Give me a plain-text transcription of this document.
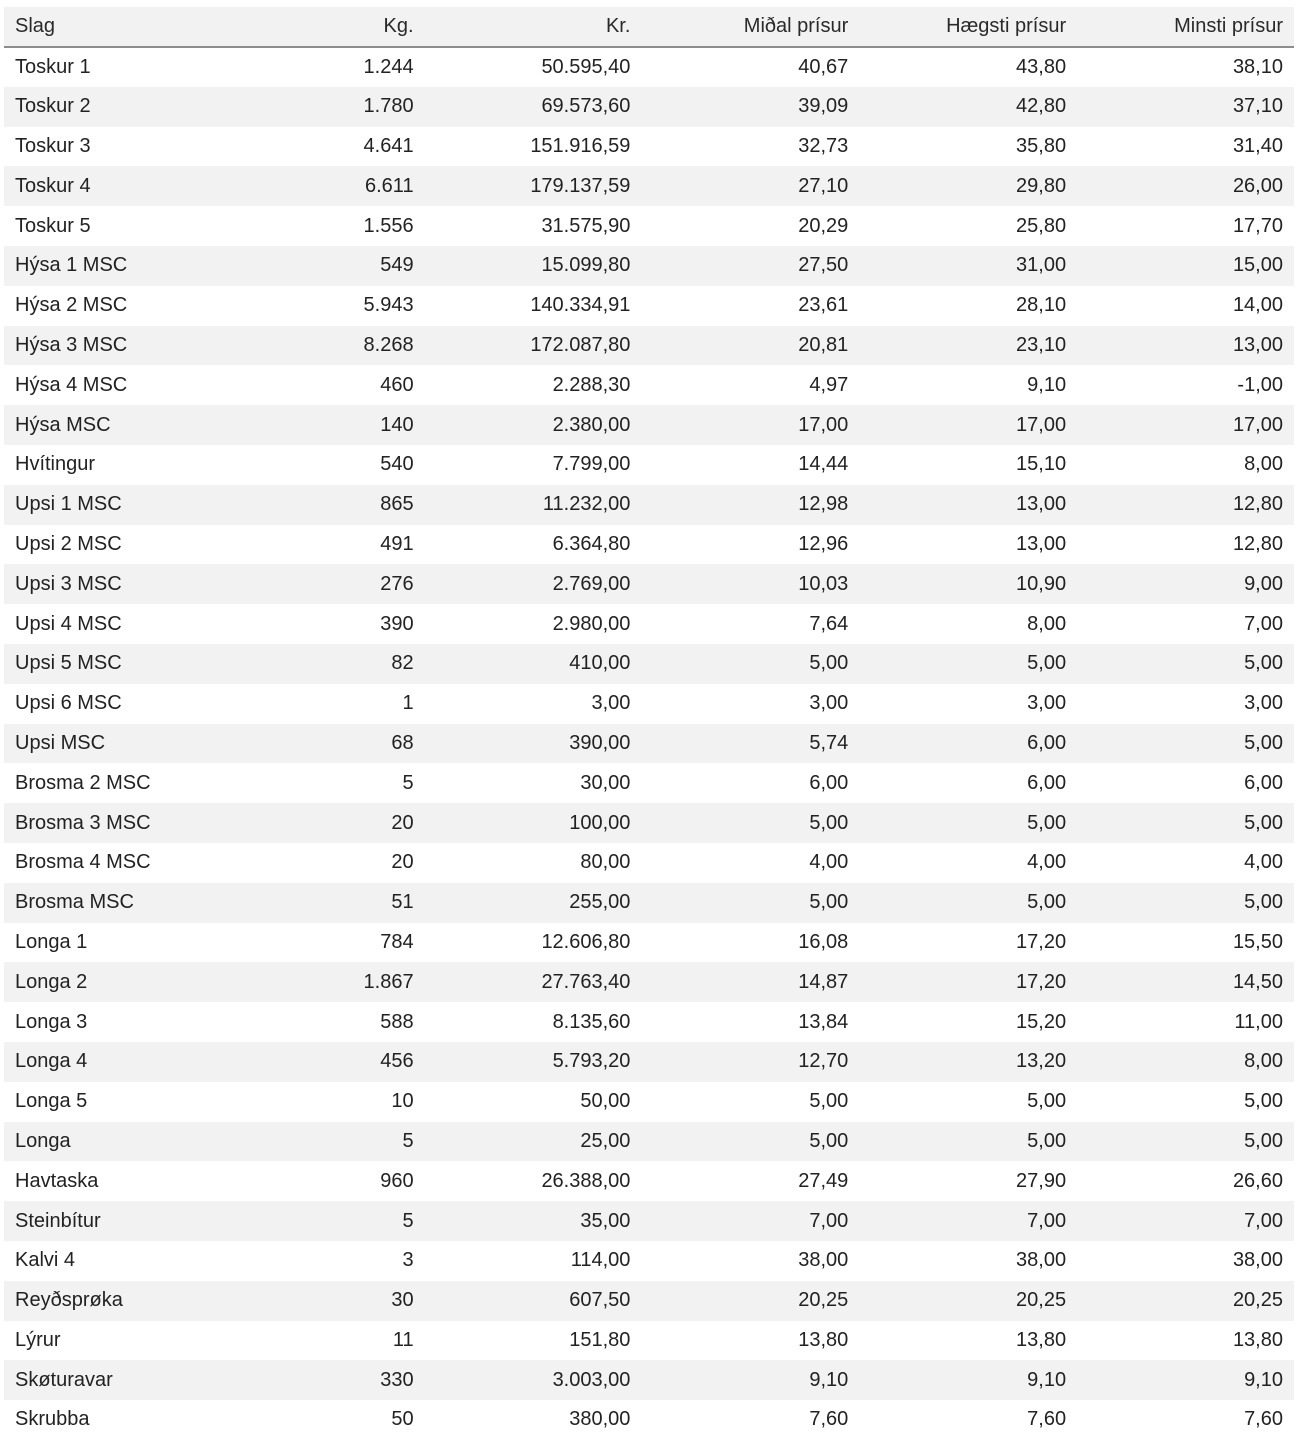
Slag	Kg.	Kr.	Miðal prísur	Hægsti prísur	Minsti prísur
Toskur 1	1.244	50.595,40	40,67	43,80	38,10
Toskur 2	1.780	69.573,60	39,09	42,80	37,10
Toskur 3	4.641	151.916,59	32,73	35,80	31,40
Toskur 4	6.611	179.137,59	27,10	29,80	26,00
Toskur 5	1.556	31.575,90	20,29	25,80	17,70
Hýsa 1 MSC	549	15.099,80	27,50	31,00	15,00
Hýsa 2 MSC	5.943	140.334,91	23,61	28,10	14,00
Hýsa 3 MSC	8.268	172.087,80	20,81	23,10	13,00
Hýsa 4 MSC	460	2.288,30	4,97	9,10	-1,00
Hýsa MSC	140	2.380,00	17,00	17,00	17,00
Hvítingur	540	7.799,00	14,44	15,10	8,00
Upsi 1 MSC	865	11.232,00	12,98	13,00	12,80
Upsi 2 MSC	491	6.364,80	12,96	13,00	12,80
Upsi 3 MSC	276	2.769,00	10,03	10,90	9,00
Upsi 4 MSC	390	2.980,00	7,64	8,00	7,00
Upsi 5 MSC	82	410,00	5,00	5,00	5,00
Upsi 6 MSC	1	3,00	3,00	3,00	3,00
Upsi MSC	68	390,00	5,74	6,00	5,00
Brosma 2 MSC	5	30,00	6,00	6,00	6,00
Brosma 3 MSC	20	100,00	5,00	5,00	5,00
Brosma 4 MSC	20	80,00	4,00	4,00	4,00
Brosma MSC	51	255,00	5,00	5,00	5,00
Longa 1	784	12.606,80	16,08	17,20	15,50
Longa 2	1.867	27.763,40	14,87	17,20	14,50
Longa 3	588	8.135,60	13,84	15,20	11,00
Longa 4	456	5.793,20	12,70	13,20	8,00
Longa 5	10	50,00	5,00	5,00	5,00
Longa	5	25,00	5,00	5,00	5,00
Havtaska	960	26.388,00	27,49	27,90	26,60
Steinbítur	5	35,00	7,00	7,00	7,00
Kalvi 4	3	114,00	38,00	38,00	38,00
Reyðsprøka	30	607,50	20,25	20,25	20,25
Lýrur	11	151,80	13,80	13,80	13,80
Skøturavar	330	3.003,00	9,10	9,10	9,10
Skrubba	50	380,00	7,60	7,60	7,60
